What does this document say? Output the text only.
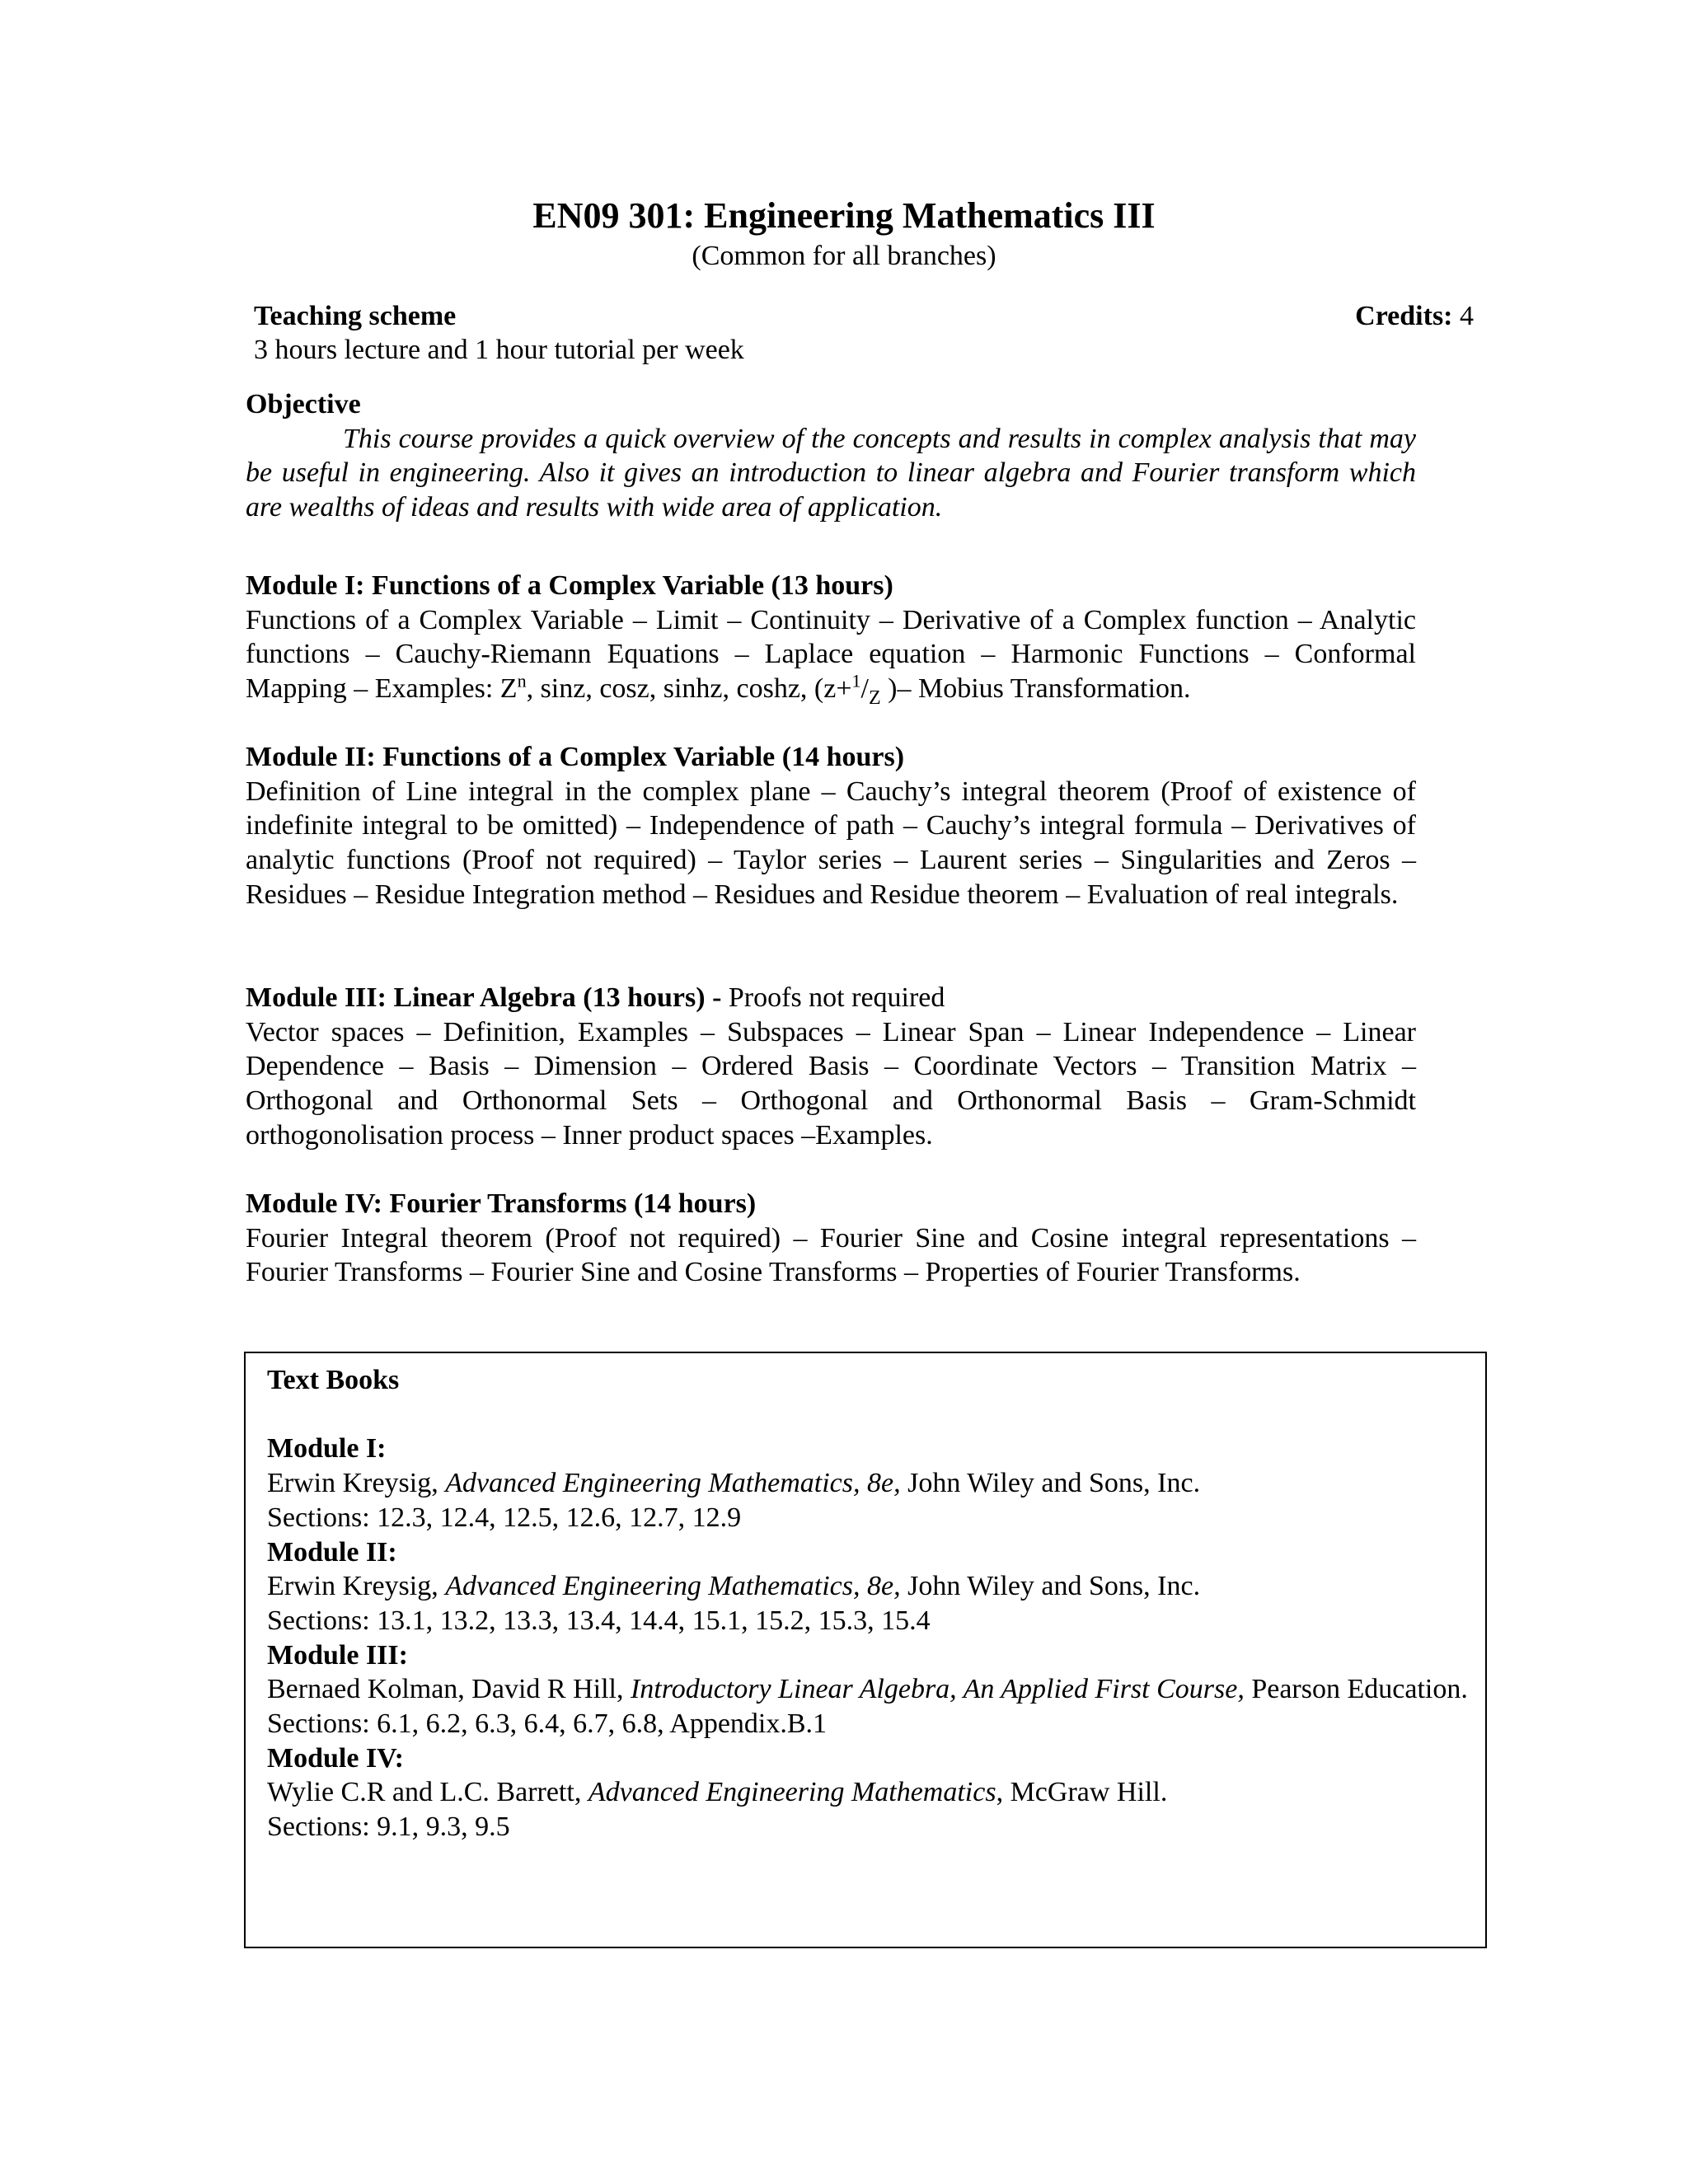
EN09 301: Engineering Mathematics III
(Common for all branches)
Teaching scheme	Credits: 4
3 hours lecture and 1 hour tutorial per week
Objective
This course provides a quick overview of the concepts and results in complex analysis that may be useful in engineering. Also it gives an introduction to linear algebra and Fourier transform which are wealths of ideas and results with wide area of application.
Module I: Functions of a Complex Variable (13 hours)
Functions of a Complex Variable – Limit – Continuity – Derivative of a Complex function – Analytic functions – Cauchy-Riemann Equations – Laplace equation – Harmonic Functions – Conformal Mapping – Examples: $Z^n$, sinz, cosz, sinhz, coshz, ($z+^1/_Z$ )– Mobius Transformation.
Module II: Functions of a Complex Variable (14 hours)
Definition of Line integral in the complex plane – Cauchy’s integral theorem (Proof of existence of indefinite integral to be omitted) – Independence of path – Cauchy’s integral formula – Derivatives of analytic functions (Proof not required) – Taylor series – Laurent series – Singularities and Zeros – Residues – Residue Integration method – Residues and Residue theorem – Evaluation of real integrals.
Module III: Linear Algebra (13 hours) - Proofs not required
Vector spaces – Definition, Examples – Subspaces – Linear Span – Linear Independence – Linear Dependence – Basis – Dimension – Ordered Basis – Coordinate Vectors – Transition Matrix – Orthogonal and Orthonormal Sets – Orthogonal and Orthonormal Basis – Gram-Schmidt orthogonolisation process – Inner product spaces –Examples.
Module IV: Fourier Transforms (14 hours)
Fourier Integral theorem (Proof not required) – Fourier Sine and Cosine integral representations – Fourier Transforms – Fourier Sine and Cosine Transforms – Properties of Fourier Transforms.
Text Books
Module I:
Erwin Kreysig, Advanced Engineering Mathematics, 8e, John Wiley and Sons, Inc.
Sections: 12.3, 12.4, 12.5, 12.6, 12.7, 12.9
Module II:
Erwin Kreysig, Advanced Engineering Mathematics, 8e, John Wiley and Sons, Inc.
Sections: 13.1, 13.2, 13.3, 13.4, 14.4, 15.1, 15.2, 15.3, 15.4
Module III:
Bernaed Kolman, David R Hill, Introductory Linear Algebra, An Applied First Course, Pearson Education.
Sections: 6.1, 6.2, 6.3, 6.4, 6.7, 6.8, Appendix.B.1
Module IV:
Wylie C.R and L.C. Barrett, Advanced Engineering Mathematics, McGraw Hill.
Sections: 9.1, 9.3, 9.5
